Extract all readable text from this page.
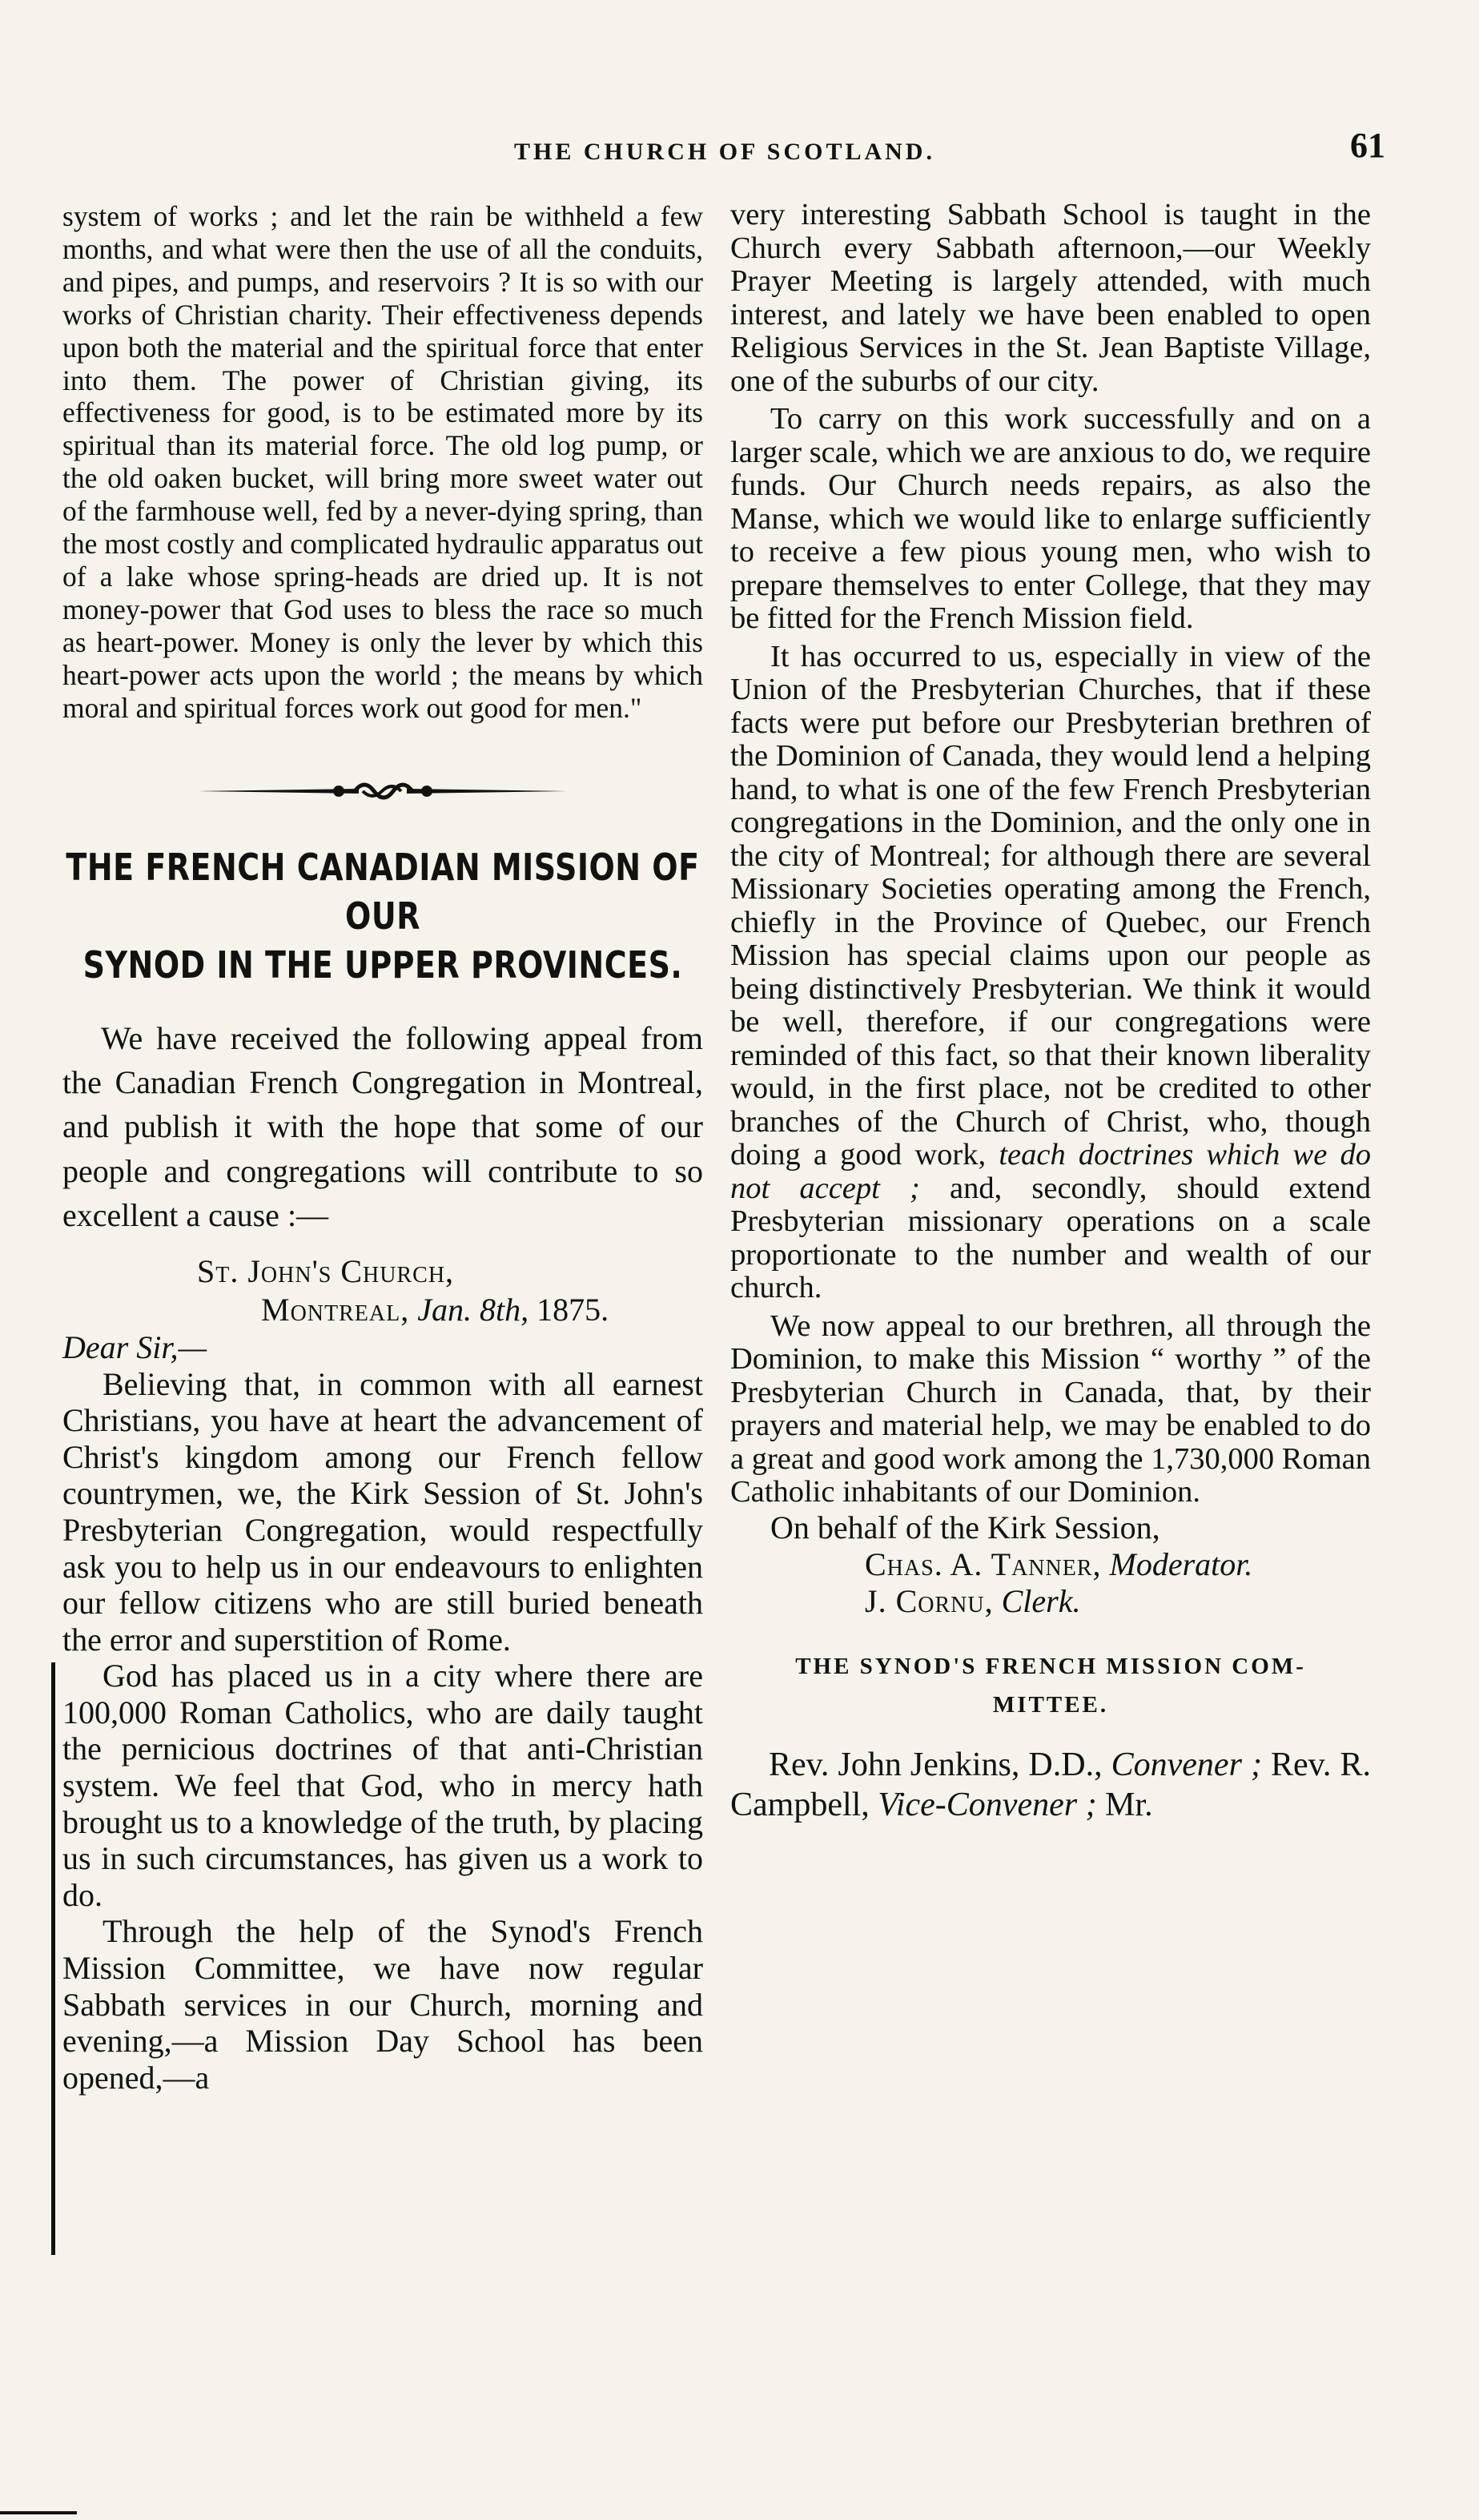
THE CHURCH OF SCOTLAND.	61

system of works ; and let the rain be withheld a few months, and what were then the use of all the conduits, and pipes, and pumps, and reservoirs ? It is so with our works of Christian charity. Their effectiveness depends upon both the material and the spiritual force that enter into them. The power of Christian giving, its effectiveness for good, is to be estimated more by its spiritual than its material force. The old log pump, or the old oaken bucket, will bring more sweet water out of the farmhouse well, fed by a never-dying spring, than the most costly and complicated hydraulic apparatus out of a lake whose spring-heads are dried up. It is not money-power that God uses to bless the race so much as heart-power. Money is only the lever by which this heart-power acts upon the world ; the means by which moral and spiritual forces work out good for men."

THE FRENCH CANADIAN MISSION OF OUR
SYNOD IN THE UPPER PROVINCES.

We have received the following appeal from the Canadian French Congregation in Montreal, and publish it with the hope that some of our people and congregations will contribute to so excellent a cause :—

St. John's Church,
Montreal, Jan. 8th, 1875.
Dear Sir,—

Believing that, in common with all earnest Christians, you have at heart the advancement of Christ's kingdom among our French fellow countrymen, we, the Kirk Session of St. John's Presbyterian Congregation, would respectfully ask you to help us in our endeavours to enlighten our fellow citizens who are still buried beneath the error and superstition of Rome.

God has placed us in a city where there are 100,000 Roman Catholics, who are daily taught the pernicious doctrines of that anti-Christian system. We feel that God, who in mercy hath brought us to a knowledge of the truth, by placing us in such circumstances, has given us a work to do.

Through the help of the Synod's French Mission Committee, we have now regular Sabbath services in our Church, morning and evening,—a Mission Day School has been opened,—a

very interesting Sabbath School is taught in the Church every Sabbath afternoon,—our Weekly Prayer Meeting is largely attended, with much interest, and lately we have been enabled to open Religious Services in the St. Jean Baptiste Village, one of the suburbs of our city.

To carry on this work successfully and on a larger scale, which we are anxious to do, we require funds. Our Church needs repairs, as also the Manse, which we would like to enlarge sufficiently to receive a few pious young men, who wish to prepare themselves to enter College, that they may be fitted for the French Mission field.

It has occurred to us, especially in view of the Union of the Presbyterian Churches, that if these facts were put before our Presbyterian brethren of the Dominion of Canada, they would lend a helping hand, to what is one of the few French Presbyterian congregations in the Dominion, and the only one in the city of Montreal; for although there are several Missionary Societies operating among the French, chiefly in the Province of Quebec, our French Mission has special claims upon our people as being distinctively Presbyterian. We think it would be well, therefore, if our congregations were reminded of this fact, so that their known liberality would, in the first place, not be credited to other branches of the Church of Christ, who, though doing a good work, teach doctrines which we do not accept ; and, secondly, should extend Presbyterian missionary operations on a scale proportionate to the number and wealth of our church.

We now appeal to our brethren, all through the Dominion, to make this Mission “ worthy ” of the Presbyterian Church in Canada, that, by their prayers and material help, we may be enabled to do a great and good work among the 1,730,000 Roman Catholic inhabitants of our Dominion.

On behalf of the Kirk Session,
Chas. A. Tanner, Moderator.
J. Cornu, Clerk.
THE SYNOD'S FRENCH MISSION COM-
MITTEE.

Rev. John Jenkins, D.D., Convener ; Rev. R. Campbell, Vice-Convener ; Mr.
